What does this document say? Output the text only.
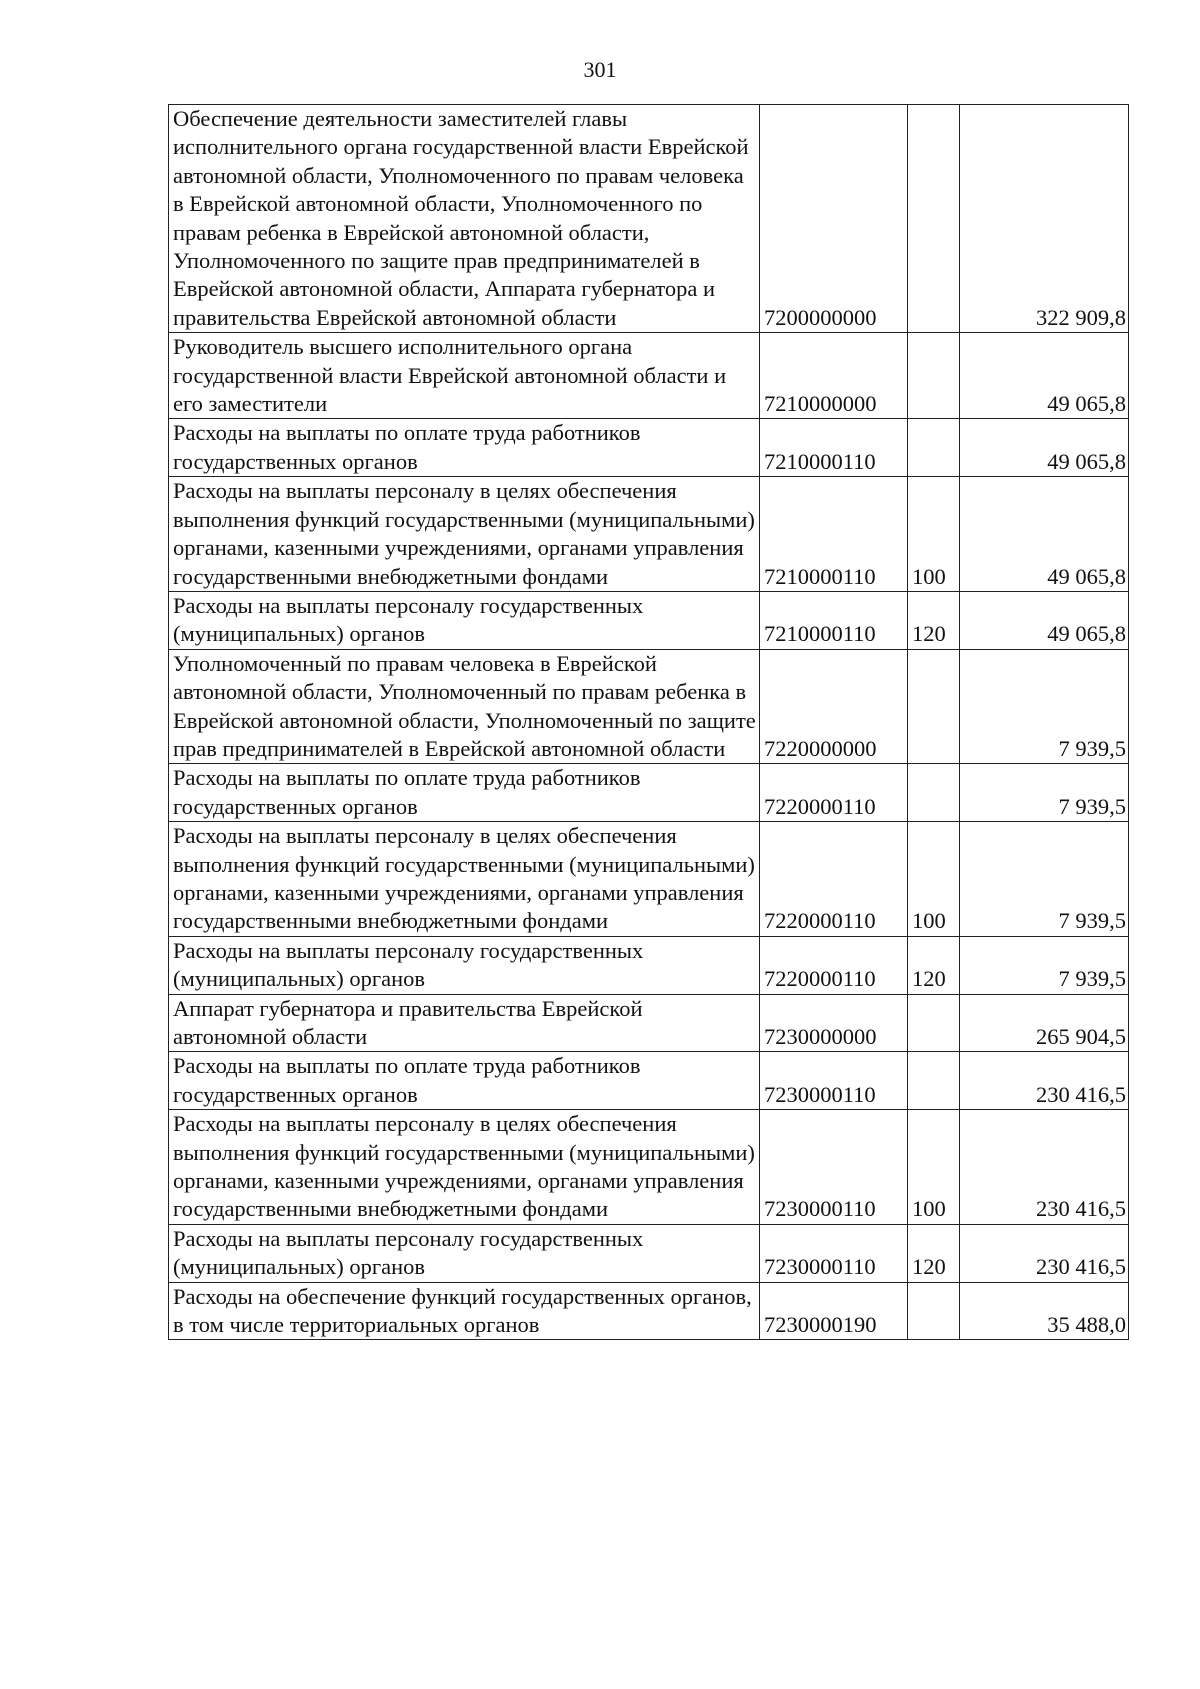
301
Обеспечение деятельности заместителей главы исполнительного органа государственной власти Еврейской автономной области, Уполномоченного по правам человека в Еврейской автономной области, Уполномоченного по правам ребенка в Еврейской автономной области, Уполномоченного по защите прав предпринимателей в Еврейской автономной области, Аппарата губернатора и правительства Еврейской автономной области	7200000000		322 909,8
Руководитель высшего исполнительного органа государственной власти Еврейской автономной области и его заместители	7210000000		49 065,8
Расходы на выплаты по оплате труда работников государственных органов	7210000110		49 065,8
Расходы на выплаты персоналу в целях обеспечения выполнения функций государственными (муниципальными) органами, казенными учреждениями, органами управления государственными внебюджетными фондами	7210000110	100	49 065,8
Расходы на выплаты персоналу государственных (муниципальных) органов	7210000110	120	49 065,8
Уполномоченный по правам человека в Еврейской автономной области, Уполномоченный по правам ребенка в Еврейской автономной области, Уполномоченный по защите прав предпринимателей в Еврейской автономной области	7220000000		7 939,5
Расходы на выплаты по оплате труда работников государственных органов	7220000110		7 939,5
Расходы на выплаты персоналу в целях обеспечения выполнения функций государственными (муниципальными) органами, казенными учреждениями, органами управления государственными внебюджетными фондами	7220000110	100	7 939,5
Расходы на выплаты персоналу государственных (муниципальных) органов	7220000110	120	7 939,5
Аппарат губернатора и правительства Еврейской автономной области	7230000000		265 904,5
Расходы на выплаты по оплате труда работников государственных органов	7230000110		230 416,5
Расходы на выплаты персоналу в целях обеспечения выполнения функций государственными (муниципальными) органами, казенными учреждениями, органами управления государственными внебюджетными фондами	7230000110	100	230 416,5
Расходы на выплаты персоналу государственных (муниципальных) органов	7230000110	120	230 416,5
Расходы на обеспечение функций государственных органов, в том числе территориальных органов	7230000190		35 488,0
